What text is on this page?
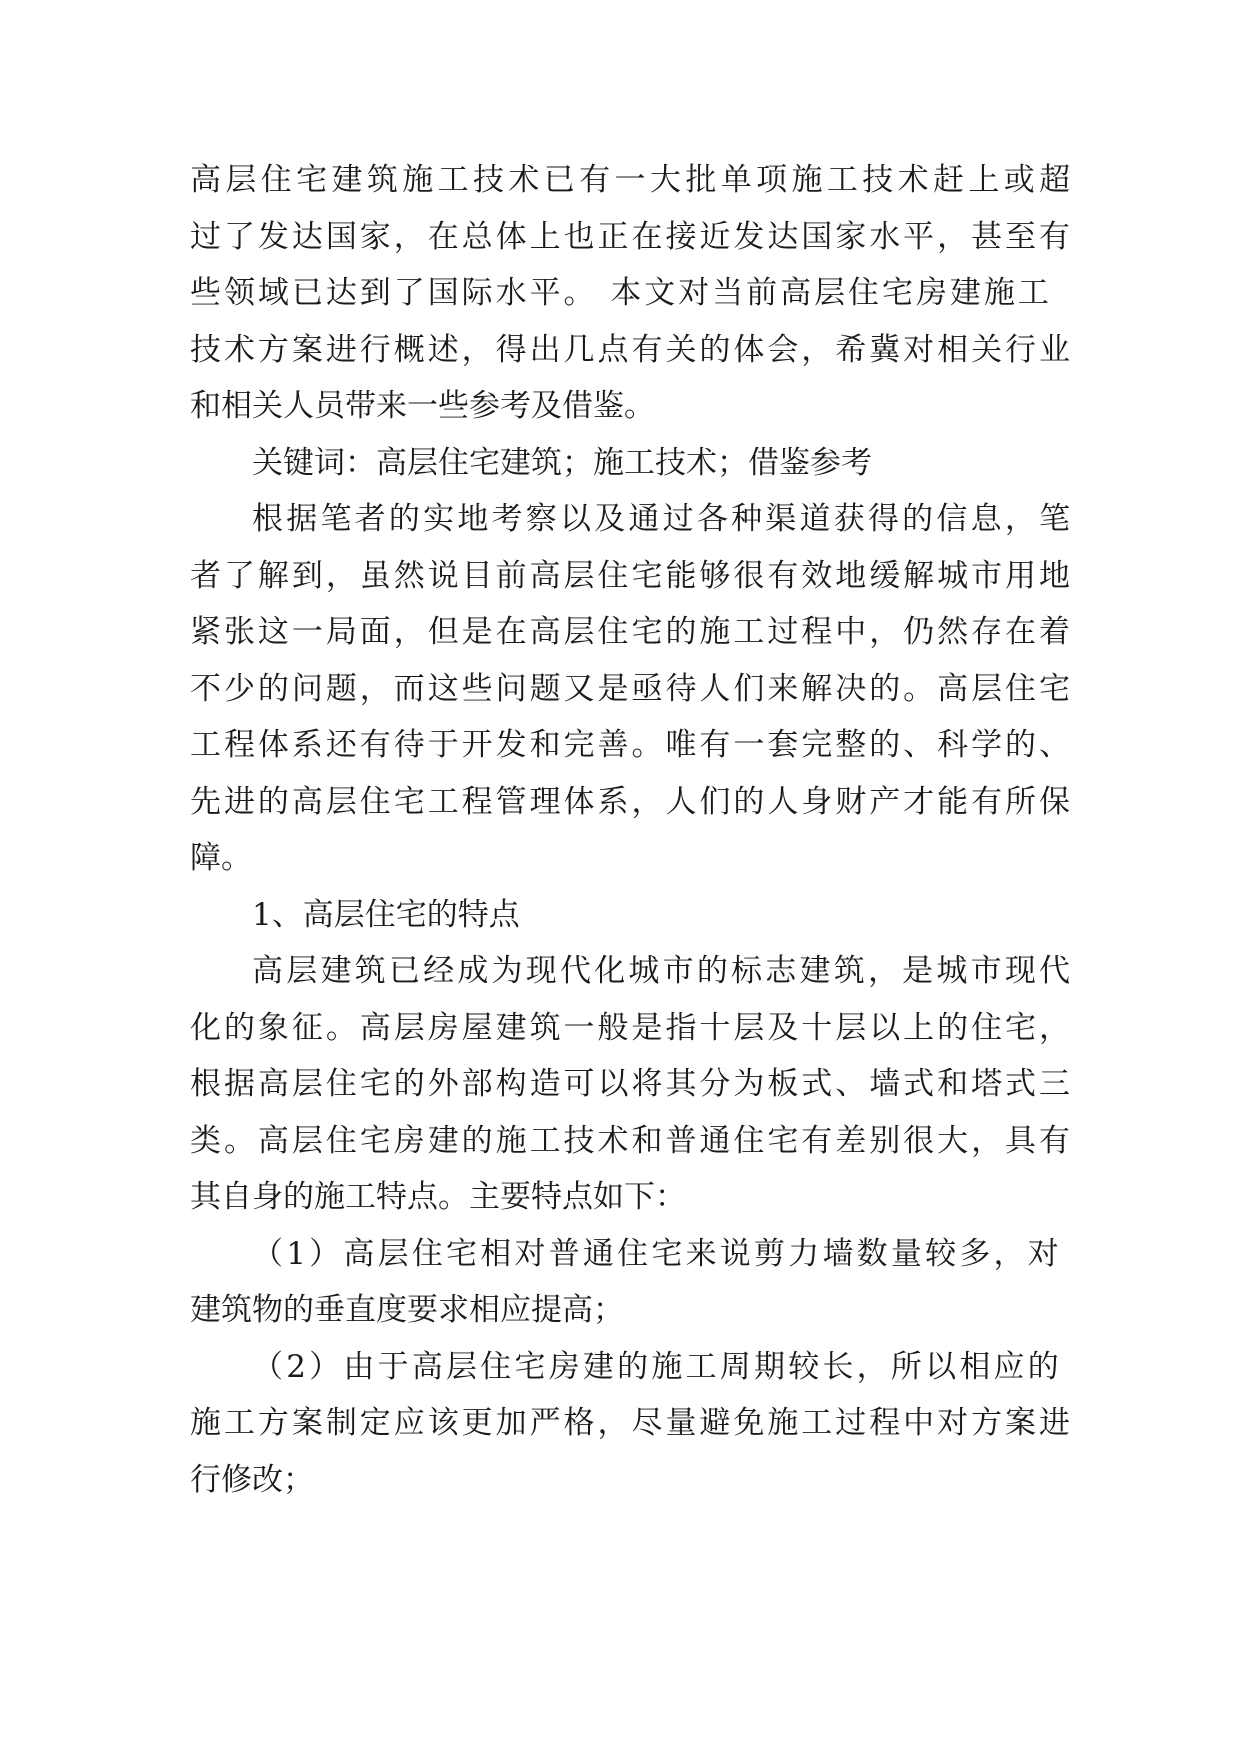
高层住宅建筑施工技术已有一大批单项施工技术赶上或超
过了发达国家，在总体上也正在接近发达国家水平，甚至有
些领域已达到了国际水平。 本文对当前高层住宅房建施工
技术方案进行概述，得出几点有关的体会，希冀对相关行业
和相关人员带来一些参考及借鉴。
关键词：高层住宅建筑；施工技术；借鉴参考
根据笔者的实地考察以及通过各种渠道获得的信息，笔
者了解到，虽然说目前高层住宅能够很有效地缓解城市用地
紧张这一局面，但是在高层住宅的施工过程中，仍然存在着
不少的问题，而这些问题又是亟待人们来解决的。高层住宅
工程体系还有待于开发和完善。唯有一套完整的、科学的、
先进的高层住宅工程管理体系，人们的人身财产才能有所保
障。
1、高层住宅的特点
高层建筑已经成为现代化城市的标志建筑，是城市现代
化的象征。高层房屋建筑一般是指十层及十层以上的住宅，
根据高层住宅的外部构造可以将其分为板式、墙式和塔式三
类。高层住宅房建的施工技术和普通住宅有差别很大，具有
其自身的施工特点。主要特点如下：
（1）高层住宅相对普通住宅来说剪力墙数量较多，对
建筑物的垂直度要求相应提高；
（2）由于高层住宅房建的施工周期较长，所以相应的
施工方案制定应该更加严格，尽量避免施工过程中对方案进
行修改；
